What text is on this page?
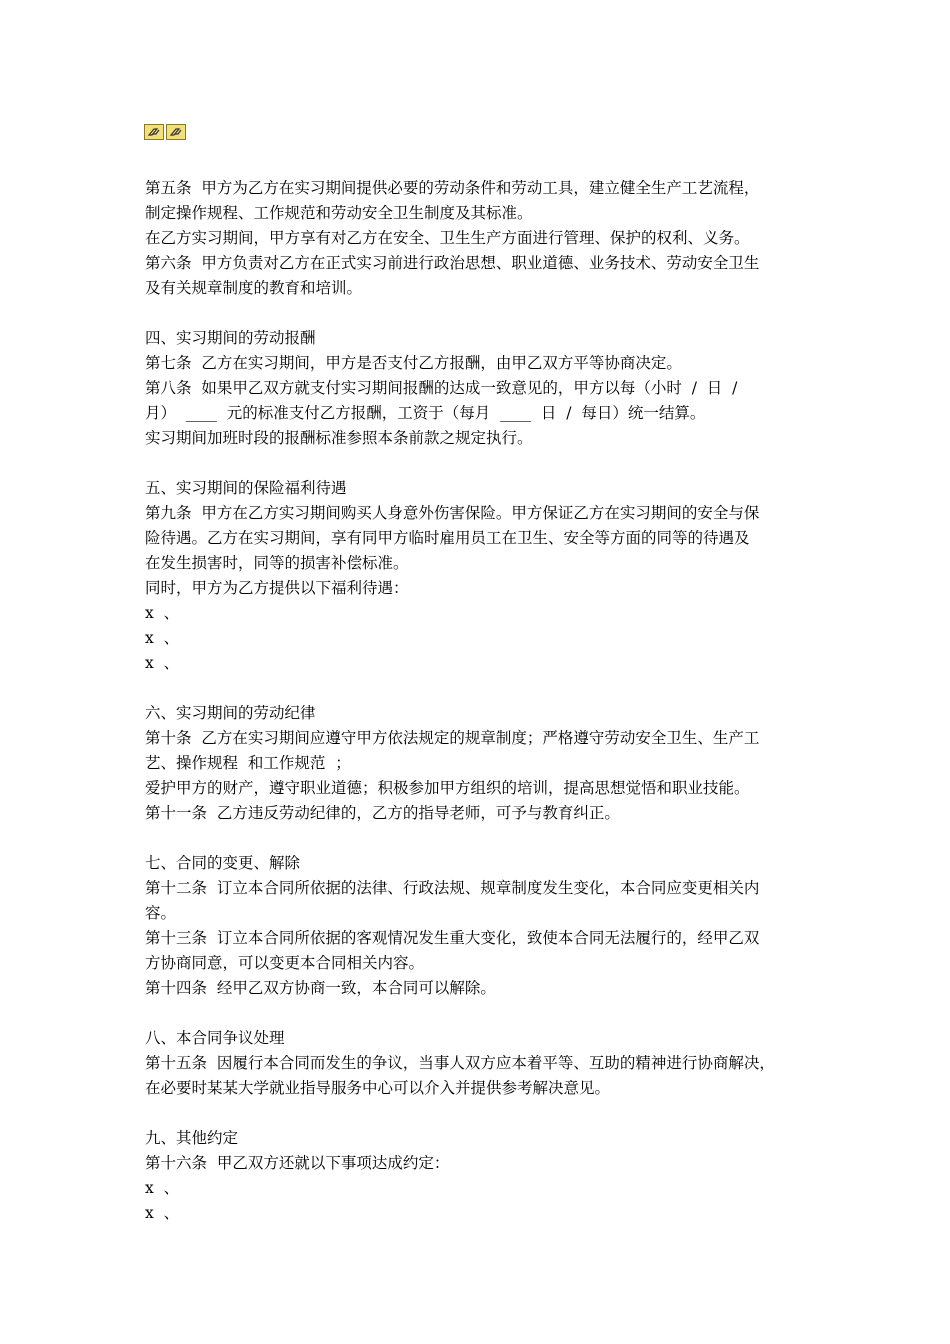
第五条  甲方为乙方在实习期间提供必要的劳动条件和劳动工具，建立健全生产工艺流程，
制定操作规程、工作规范和劳动安全卫生制度及其标准。
在乙方实习期间，甲方享有对乙方在安全、卫生生产方面进行管理、保护的权利、义务。
第六条  甲方负责对乙方在正式实习前进行政治思想、职业道德、业务技术、劳动安全卫生
及有关规章制度的教育和培训。
四、实习期间的劳动报酬
第七条  乙方在实习期间，甲方是否支付乙方报酬，由甲乙双方平等协商决定。
第八条  如果甲乙双方就支付实习期间报酬的达成一致意见的，甲方以每（小时  /  日  /
月）  ____  元的标准支付乙方报酬，工资于（每月  ____  日  /  每日）统一结算。
实习期间加班时段的报酬标准参照本条前款之规定执行。
五、实习期间的保险福利待遇
第九条  甲方在乙方实习期间购买人身意外伤害保险。甲方保证乙方在实习期间的安全与保
险待遇。乙方在实习期间，享有同甲方临时雇用员工在卫生、安全等方面的同等的待遇及
在发生损害时，同等的损害补偿标准。
同时，甲方为乙方提供以下福利待遇：
x  、
x  、
x  、
六、实习期间的劳动纪律
第十条  乙方在实习期间应遵守甲方依法规定的规章制度；严格遵守劳动安全卫生、生产工
艺、操作规程  和工作规范  ；
爱护甲方的财产，遵守职业道德；积极参加甲方组织的培训，提高思想觉悟和职业技能。
第十一条  乙方违反劳动纪律的，乙方的指导老师，可予与教育纠正。
七、合同的变更、解除
第十二条  订立本合同所依据的法律、行政法规、规章制度发生变化，本合同应变更相关内
容。
第十三条  订立本合同所依据的客观情况发生重大变化，致使本合同无法履行的，经甲乙双
方协商同意，可以变更本合同相关内容。
第十四条  经甲乙双方协商一致，本合同可以解除。
八、本合同争议处理
第十五条  因履行本合同而发生的争议，当事人双方应本着平等、互助的精神进行协商解决，
在必要时某某大学就业指导服务中心可以介入并提供参考解决意见。
九、其他约定
第十六条  甲乙双方还就以下事项达成约定：
x  、
x  、
